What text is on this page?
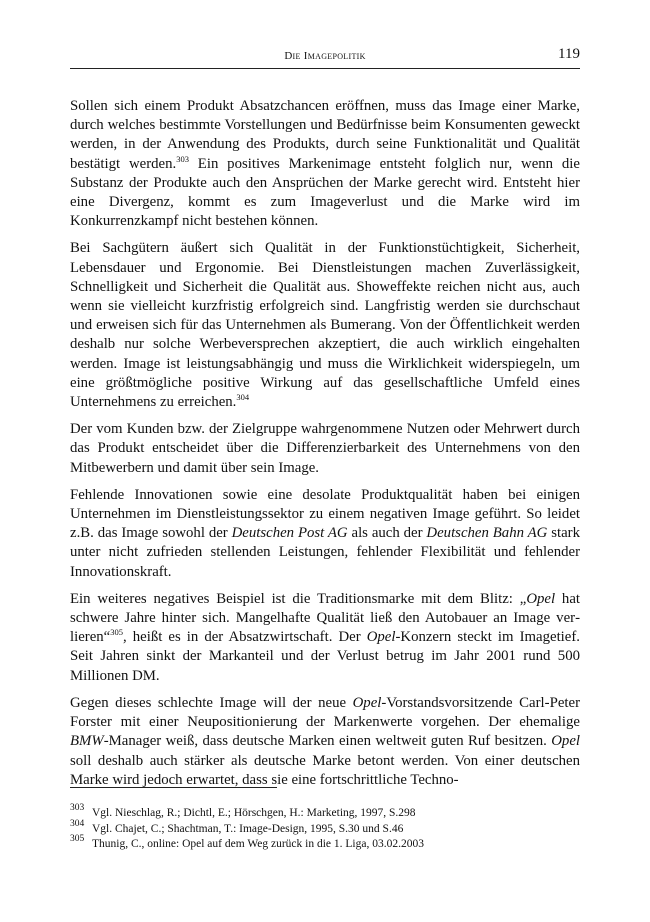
Die Imagepolitik	119

Sollen sich einem Produkt Absatzchancen eröffnen, muss das Image einer Marke, durch welches bestimmte Vorstellungen und Bedürfnisse beim Konsumenten geweckt werden, in der Anwendung des Produkts, durch seine Funktionalität und Qualität bestätigt werden.$^{303}$ Ein positives Markenimage entsteht folglich nur, wenn die Substanz der Produkte auch den Ansprüchen der Marke gerecht wird. Entsteht hier eine Divergenz, kommt es zum Imageverlust und die Marke wird im Konkurrenzkampf nicht bestehen können.

Bei Sachgütern äußert sich Qualität in der Funktionstüchtigkeit, Sicherheit, Lebensdauer und Ergonomie. Bei Dienstleistungen machen Zuverlässigkeit, Schnelligkeit und Sicherheit die Qualität aus. Showeffekte reichen nicht aus, auch wenn sie vielleicht kurzfristig erfolgreich sind. Langfristig werden sie durchschaut und erweisen sich für das Unternehmen als Bumerang. Von der Öffentlichkeit werden deshalb nur solche Werbeversprechen akzeptiert, die auch wirklich eingehalten werden. Image ist leistungsabhängig und muss die Wirklichkeit widerspiegeln, um eine größtmögliche positive Wirkung auf das gesellschaftliche Umfeld eines Unternehmens zu erreichen.$^{304}$

Der vom Kunden bzw. der Zielgruppe wahrgenommene Nutzen oder Mehrwert durch das Produkt entscheidet über die Differenzierbarkeit des Unternehmens von den Mitbewerbern und damit über sein Image.

Fehlende Innovationen sowie eine desolate Produktqualität haben bei einigen Unternehmen im Dienstleistungssektor zu einem negativen Image geführt. So leidet z.B. das Image sowohl der Deutschen Post AG als auch der Deutschen Bahn AG stark unter nicht zufrieden stellenden Leistungen, fehlender Flexibilität und fehlender Innovationskraft.

Ein weiteres negatives Beispiel ist die Traditionsmarke mit dem Blitz: „Opel hat schwere Jahre hinter sich. Mangelhafte Qualität ließ den Autobauer an Image verlieren“$^{305}$, heißt es in der Absatzwirtschaft. Der Opel-Konzern steckt im Imagetief. Seit Jahren sinkt der Markanteil und der Verlust betrug im Jahr 2001 rund 500 Millionen DM.

Gegen dieses schlechte Image will der neue Opel-Vorstandsvorsitzende Carl-Peter Forster mit einer Neupositionierung der Markenwerte vorgehen. Der ehemalige BMW-Manager weiß, dass deutsche Marken einen weltweit guten Ruf besitzen. Opel soll deshalb auch stärker als deutsche Marke betont werden. Von einer deutschen Marke wird jedoch erwartet, dass sie eine fortschrittliche Techno-

303 Vgl. Nieschlag, R.; Dichtl, E.; Hörschgen, H.: Marketing, 1997, S.298
304 Vgl. Chajet, C.; Shachtman, T.: Image-Design, 1995, S.30 und S.46
305 Thunig, C., online: Opel auf dem Weg zurück in die 1. Liga, 03.02.2003
